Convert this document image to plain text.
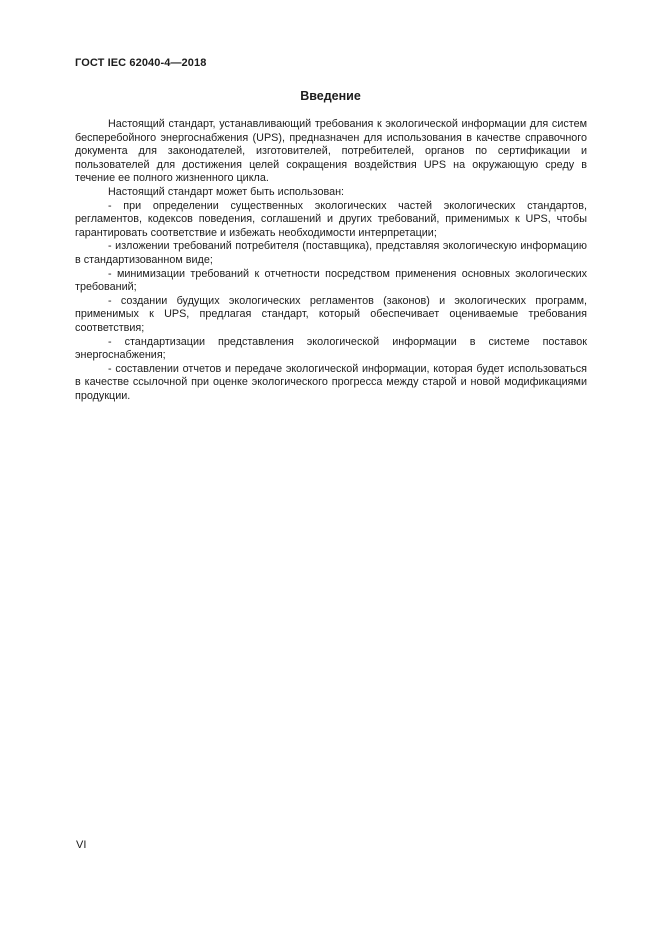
ГОСТ IEC 62040-4—2018
Введение

Настоящий стандарт, устанавливающий требования к экологической информации для систем бесперебойного энергоснабжения (UPS), предназначен для использования в качестве справочного документа для законодателей, изготовителей, потребителей, органов по сертификации и пользователей для достижения целей сокращения воздействия UPS на окружающую среду в течение ее полного жизненного цикла.

Настоящий стандарт может быть использован:

- при определении существенных экологических частей экологических стандартов, регламентов, кодексов поведения, соглашений и других требований, применимых к UPS, чтобы гарантировать соответствие и избежать необходимости интерпретации;

- изложении требований потребителя (поставщика), представляя экологическую информацию в стандартизованном виде;

- минимизации требований к отчетности посредством применения основных экологических требований;

- создании будущих экологических регламентов (законов) и экологических программ, применимых к UPS, предлагая стандарт, который обеспечивает оцениваемые требования соответствия;

- стандартизации представления экологической информации в системе поставок энергоснабжения;

- составлении отчетов и передаче экологической информации, которая будет использоваться в качестве ссылочной при оценке экологического прогресса между старой и новой модификациями продукции.

VI
